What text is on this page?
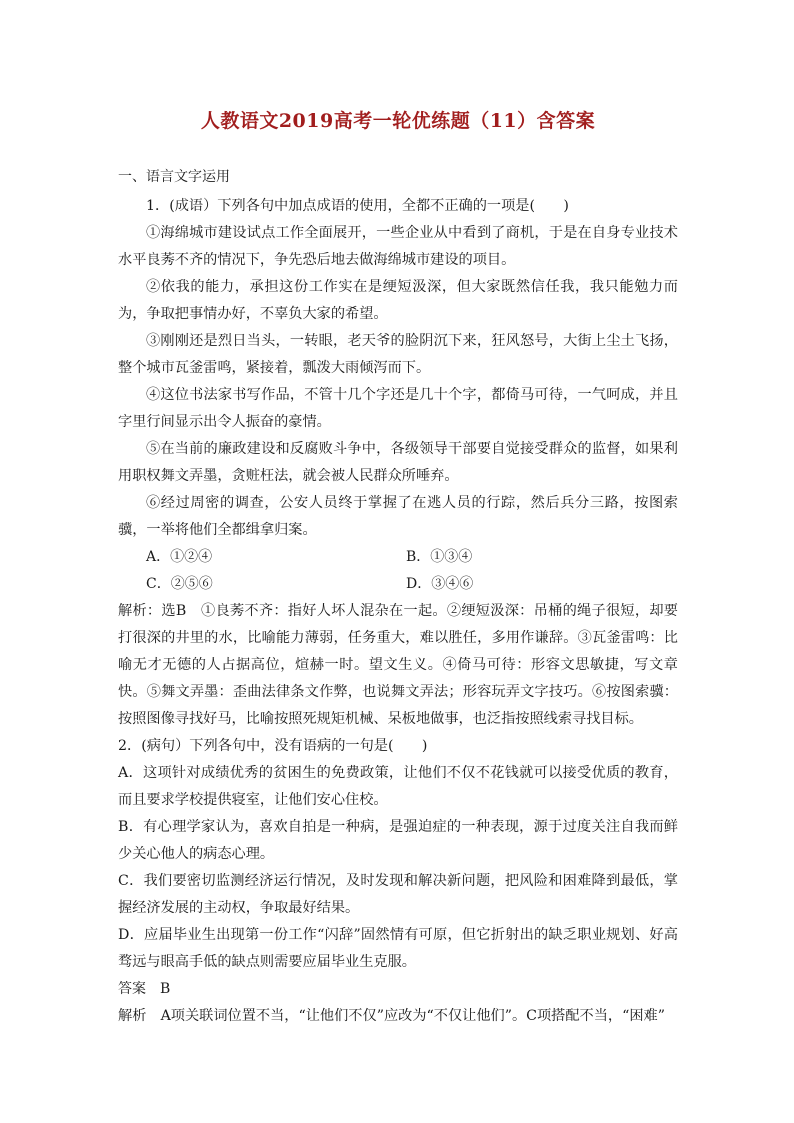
人教语文2019高考一轮优练题（11）含答案
一、语言文字运用

1．(成语）下列各句中加点成语的使用，全都不正确的一项是(　　)

①海绵城市建设试点工作全面展开，一些企业从中看到了商机，于是在自身专业技术水平良莠不齐的情况下，争先恐后地去做海绵城市建设的项目。

②依我的能力，承担这份工作实在是绠短汲深，但大家既然信任我，我只能勉力而为，争取把事情办好，不辜负大家的希望。

③刚刚还是烈日当头，一转眼，老天爷的脸阴沉下来，狂风怒号，大街上尘土飞扬，整个城市瓦釜雷鸣，紧接着，瓢泼大雨倾泻而下。

④这位书法家书写作品，不管十几个字还是几十个字，都倚马可待，一气呵成，并且字里行间显示出令人振奋的豪情。

⑤在当前的廉政建设和反腐败斗争中，各级领导干部要自觉接受群众的监督，如果利用职权舞文弄墨，贪赃枉法，就会被人民群众所唾弃。

⑥经过周密的调查，公安人员终于掌握了在逃人员的行踪，然后兵分三路，按图索骥，一举将他们全都缉拿归案。

A．①②④	B．①③④
C．②⑤⑥	D．③④⑥

解析：选B　①良莠不齐：指好人坏人混杂在一起。②绠短汲深：吊桶的绳子很短，却要打很深的井里的水，比喻能力薄弱，任务重大，难以胜任，多用作谦辞。③瓦釜雷鸣：比喻无才无德的人占据高位，煊赫一时。望文生义。④倚马可待：形容文思敏捷，写文章快。⑤舞文弄墨：歪曲法律条文作弊，也说舞文弄法；形容玩弄文字技巧。⑥按图索骥：按照图像寻找好马，比喻按照死规矩机械、呆板地做事，也泛指按照线索寻找目标。

2．(病句）下列各句中，没有语病的一句是(　　)

A．这项针对成绩优秀的贫困生的免费政策，让他们不仅不花钱就可以接受优质的教育，而且要求学校提供寝室，让他们安心住校。

B．有心理学家认为，喜欢自拍是一种病，是强迫症的一种表现，源于过度关注自我而鲜少关心他人的病态心理。

C．我们要密切监测经济运行情况，及时发现和解决新问题，把风险和困难降到最低，掌握经济发展的主动权，争取最好结果。

D．应届毕业生出现第一份工作“闪辞”固然情有可原，但它折射出的缺乏职业规划、好高骛远与眼高手低的缺点则需要应届毕业生克服。

答案　B

解析　A项关联词位置不当，“让他们不仅”应改为“不仅让他们”。C项搭配不当，“困难”
